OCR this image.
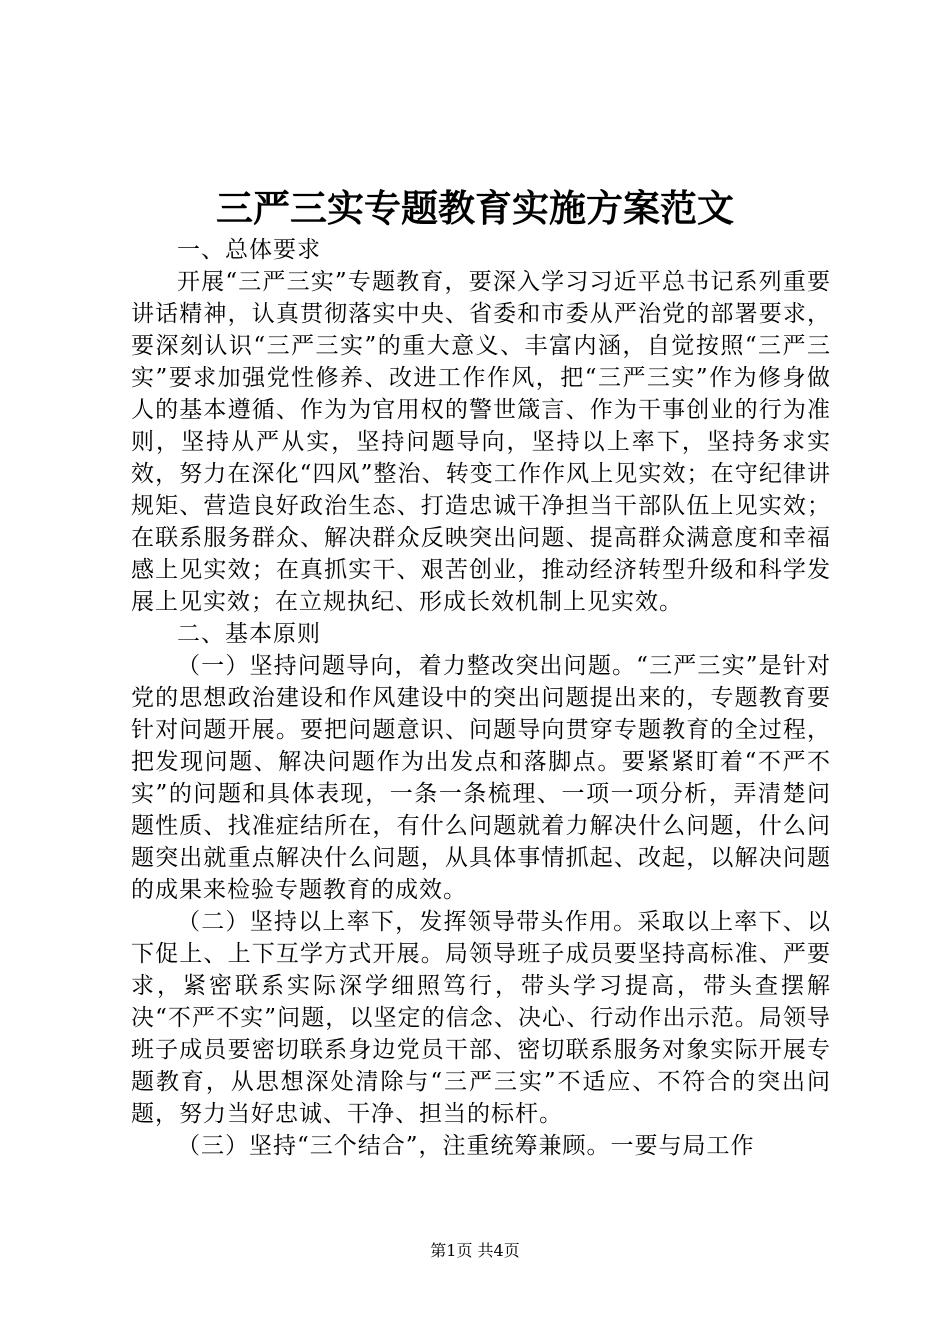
三严三实专题教育实施方案范文

一、总体要求

开展“三严三实”专题教育，要深入学习习近平总书记系列重要讲话精神，认真贯彻落实中央、省委和市委从严治党的部署要求，要深刻认识“三严三实”的重大意义、丰富内涵，自觉按照“三严三实”要求加强党性修养、改进工作作风，把“三严三实”作为修身做人的基本遵循、作为为官用权的警世箴言、作为干事创业的行为准则，坚持从严从实，坚持问题导向，坚持以上率下，坚持务求实效，努力在深化“四风”整治、转变工作作风上见实效；在守纪律讲规矩、营造良好政治生态、打造忠诚干净担当干部队伍上见实效；在联系服务群众、解决群众反映突出问题、提高群众满意度和幸福感上见实效；在真抓实干、艰苦创业，推动经济转型升级和科学发展上见实效；在立规执纪、形成长效机制上见实效。

二、基本原则

（一）坚持问题导向，着力整改突出问题。“三严三实”是针对党的思想政治建设和作风建设中的突出问题提出来的，专题教育要针对问题开展。要把问题意识、问题导向贯穿专题教育的全过程，把发现问题、解决问题作为出发点和落脚点。要紧紧盯着“不严不实”的问题和具体表现，一条一条梳理、一项一项分析，弄清楚问题性质、找准症结所在，有什么问题就着力解决什么问题，什么问题突出就重点解决什么问题，从具体事情抓起、改起，以解决问题的成果来检验专题教育的成效。

（二）坚持以上率下，发挥领导带头作用。采取以上率下、以下促上、上下互学方式开展。局领导班子成员要坚持高标准、严要求，紧密联系实际深学细照笃行，带头学习提高，带头查摆解决“不严不实”问题，以坚定的信念、决心、行动作出示范。局领导班子成员要密切联系身边党员干部、密切联系服务对象实际开展专题教育，从思想深处清除与“三严三实”不适应、不符合的突出问题，努力当好忠诚、干净、担当的标杆。

（三）坚持“三个结合”，注重统筹兼顾。一要与局工作

第1页 共4页
